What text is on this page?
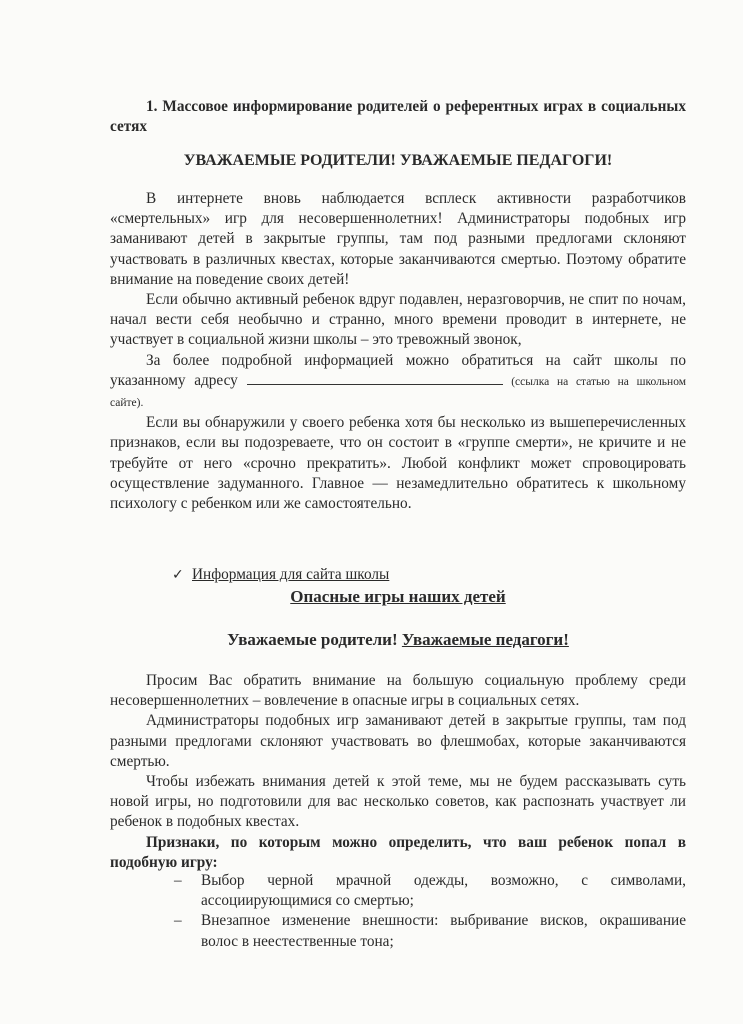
1. Массовое информирование родителей о референтных играх в социальных сетях

УВАЖАЕМЫЕ РОДИТЕЛИ! УВАЖАЕМЫЕ ПЕДАГОГИ!

В интернете вновь наблюдается всплеск активности разработчиков «смертельных» игр для несовершеннолетних! Администраторы подобных игр заманивают детей в закрытые группы, там под разными предлогами склоняют участвовать в различных квестах, которые заканчиваются смертью. Поэтому обратите внимание на поведение своих детей!

Если обычно активный ребенок вдруг подавлен, неразговорчив, не спит по ночам, начал вести себя необычно и странно, много времени проводит в интернете, не участвует в социальной жизни школы – это тревожный звонок,

За более подробной информацией можно обратиться на сайт школы по указанному адресу	(ссылка на статью на школьном сайте).

Если вы обнаружили у своего ребенка хотя бы несколько из вышеперечисленных признаков, если вы подозреваете, что он состоит в «группе смерти», не кричите и не требуйте от него «срочно прекратить». Любой конфликт может спровоцировать осуществление задуманного. Главное — незамедлительно обратитесь к школьному психологу с ребенком или же самостоятельно.

✓ Информация для сайта школы
Опасные игры наших детей
Уважаемые родители! Уважаемые педагоги!

Просим Вас обратить внимание на большую социальную проблему среди несовершеннолетних – вовлечение в опасные игры в социальных сетях.

Администраторы подобных игр заманивают детей в закрытые группы, там под разными предлогами склоняют участвовать во флешмобах, которые заканчиваются смертью.

Чтобы избежать внимания детей к этой теме, мы не будем рассказывать суть новой игры, но подготовили для вас несколько советов, как распознать участвует ли ребенок в подобных квестах.

Признаки, по которым можно определить, что ваш ребенок попал в подобную игру:

– Выбор черной мрачной одежды, возможно, с символами, ассоциирующимися со смертью;
– Внезапное изменение внешности: выбривание висков, окрашивание волос в неестественные тона;
